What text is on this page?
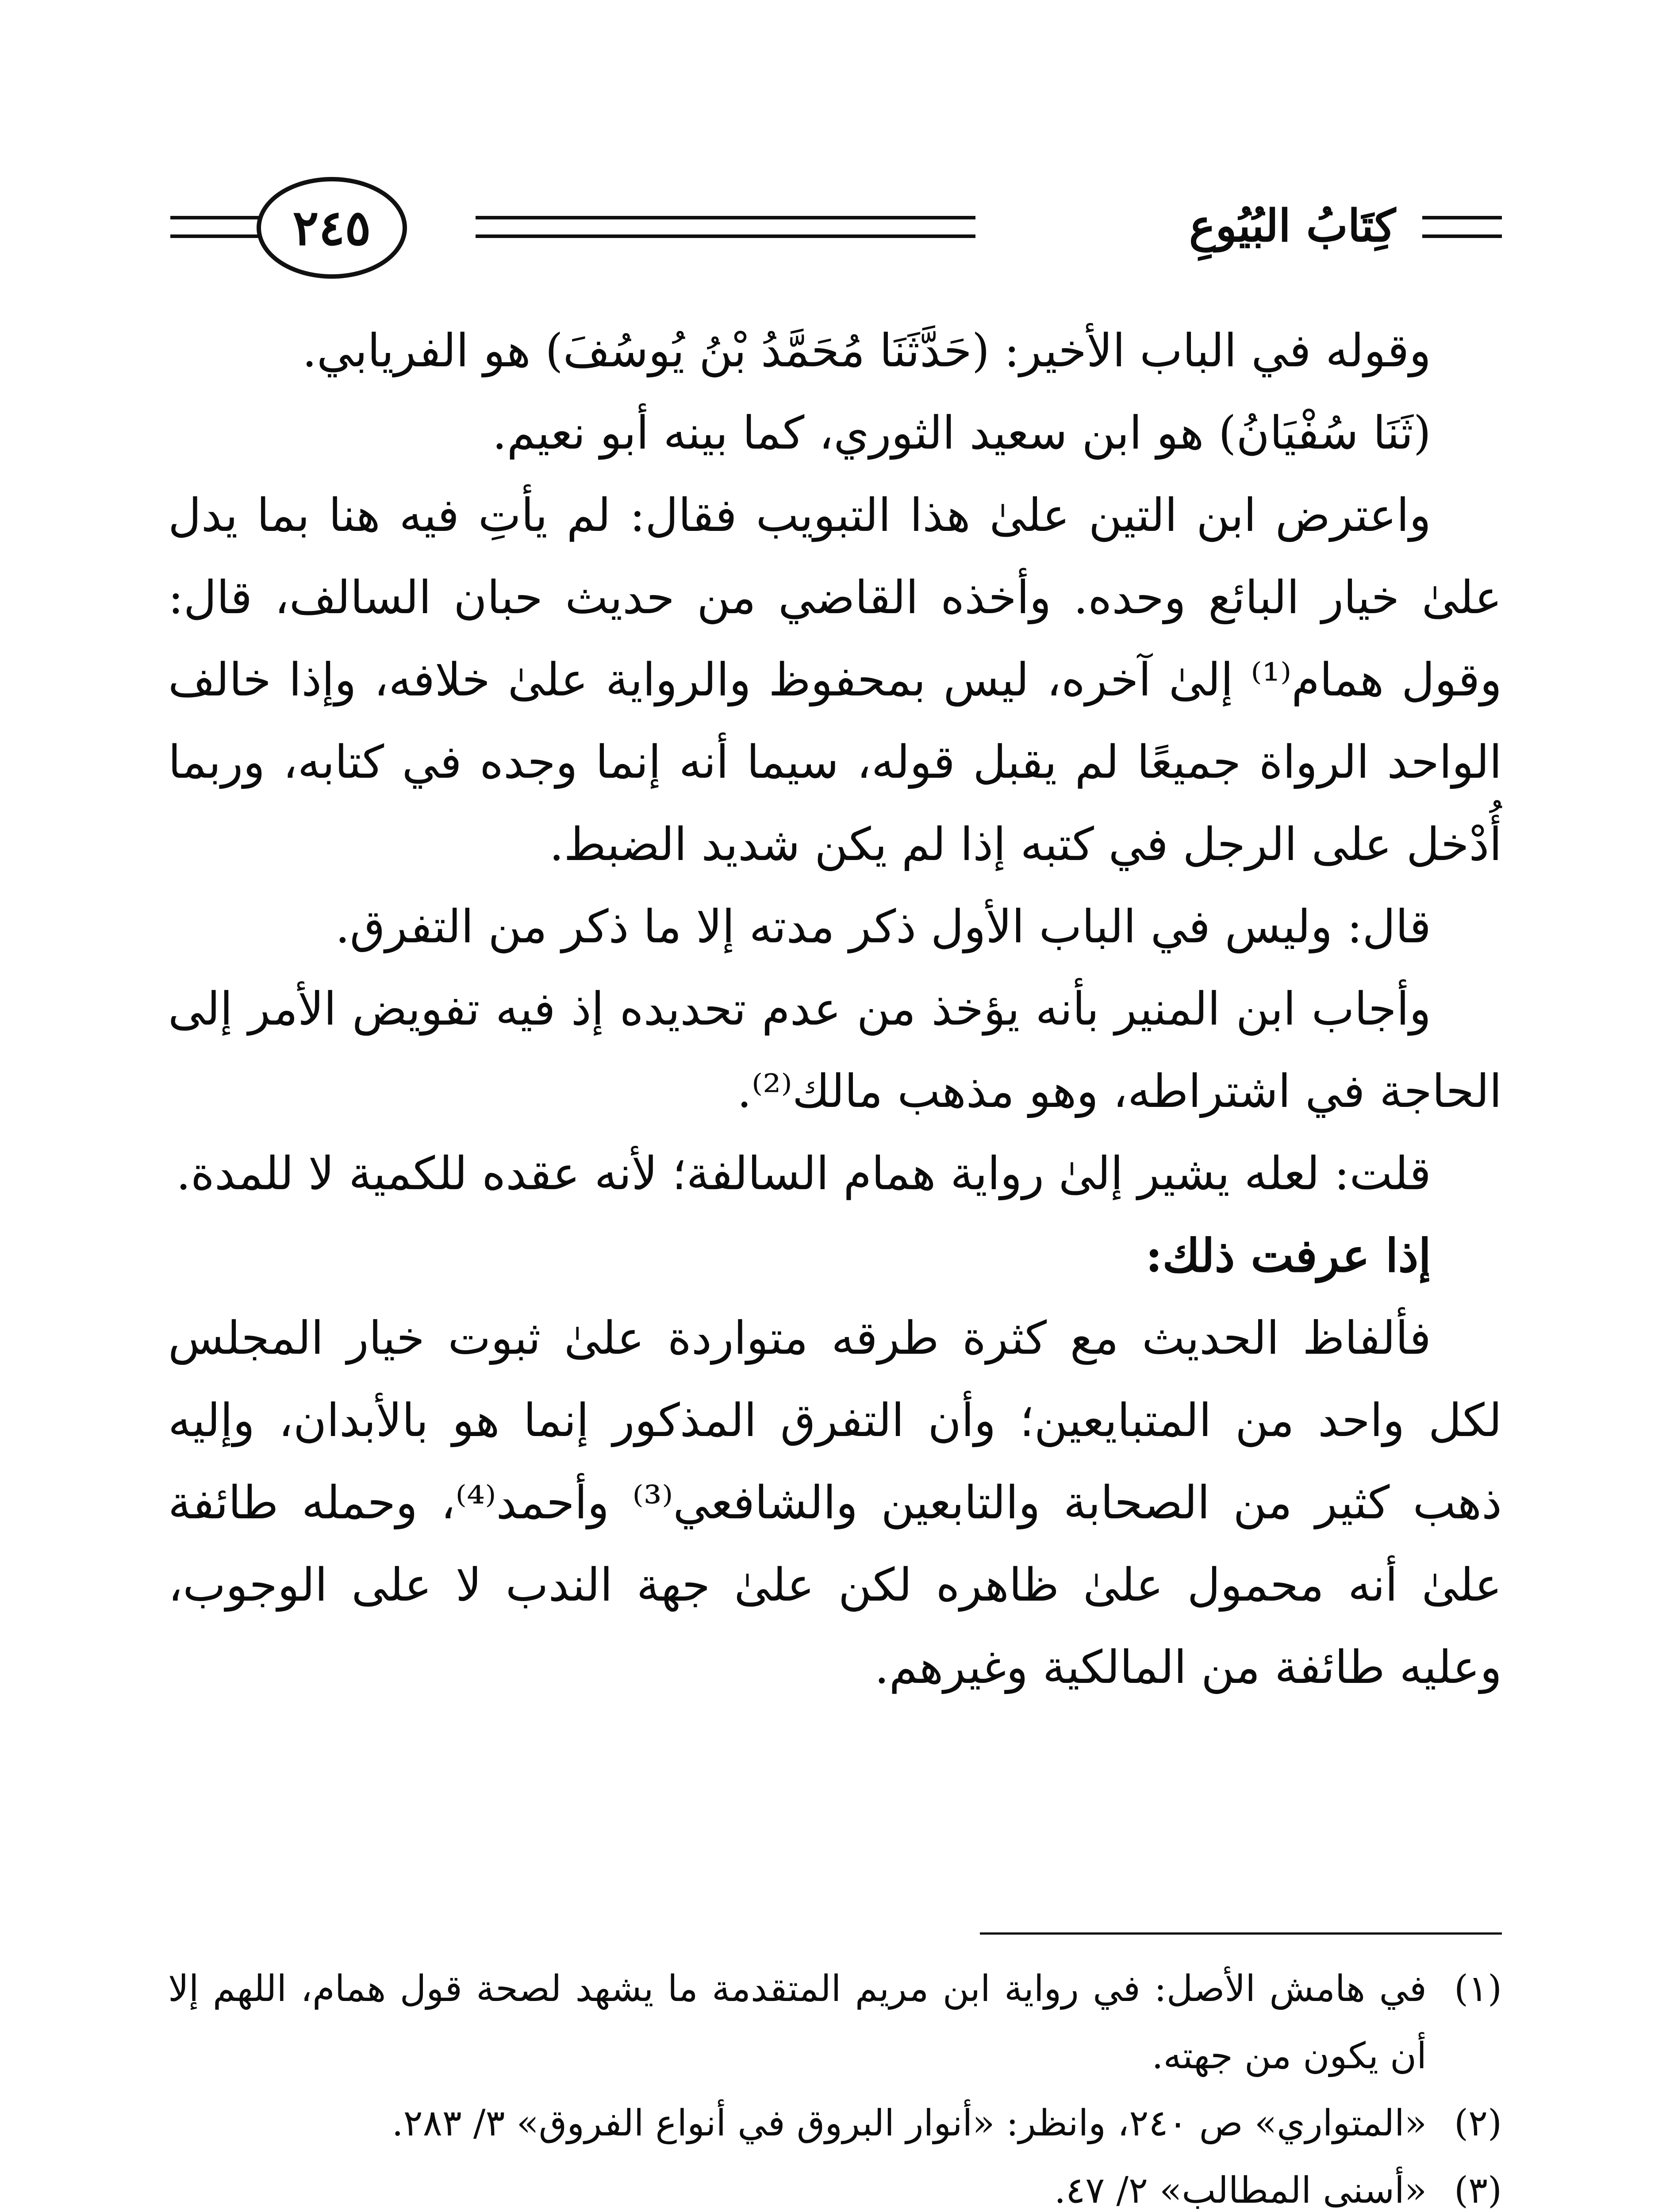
كِتَابُ البُيُوعِ
٢٤٥

وقوله في الباب الأخير: (حَدَّثَنَا مُحَمَّدُ بْنُ يُوسُفَ) هو الفريابي.

(ثَنَا سُفْيَانُ) هو ابن سعيد الثوري، كما بينه أبو نعيم.

واعترض ابن التين علىٰ هذا التبويب فقال: لم يأتِ فيه هنا بما يدل علىٰ خيار البائع وحده. وأخذه القاضي من حديث حبان السالف، قال: وقول همام⁽¹⁾ إلىٰ آخره، ليس بمحفوظ والرواية علىٰ خلافه، وإذا خالف الواحد الرواة جميعًا لم يقبل قوله، سيما أنه إنما وجده في كتابه، وربما أُدْخل على الرجل في كتبه إذا لم يكن شديد الضبط.

قال: وليس في الباب الأول ذكر مدته إلا ما ذكر من التفرق.

وأجاب ابن المنير بأنه يؤخذ من عدم تحديده إذ فيه تفويض الأمر إلى الحاجة في اشتراطه، وهو مذهب مالك⁽²⁾.

قلت: لعله يشير إلىٰ رواية همام السالفة؛ لأنه عقده للكمية لا للمدة.

إذا عرفت ذلك:

فألفاظ الحديث مع كثرة طرقه متواردة علىٰ ثبوت خيار المجلس لكل واحد من المتبايعين؛ وأن التفرق المذكور إنما هو بالأبدان، وإليه ذهب كثير من الصحابة والتابعين والشافعي⁽³⁾ وأحمد⁽⁴⁾، وحمله طائفة علىٰ أنه محمول علىٰ ظاهره لكن علىٰ جهة الندب لا على الوجوب، وعليه طائفة من المالكية وغيرهم.

(١)
في هامش الأصل: في رواية ابن مريم المتقدمة ما يشهد لصحة قول همام، اللهم إلا أن يكون من جهته.

(٢)
«المتواري» ص ٢٤٠، وانظر: «أنوار البروق في أنواع الفروق» ٣/ ٢٨٣.

(٣)
«أسنى المطالب» ٢/ ٤٧.
